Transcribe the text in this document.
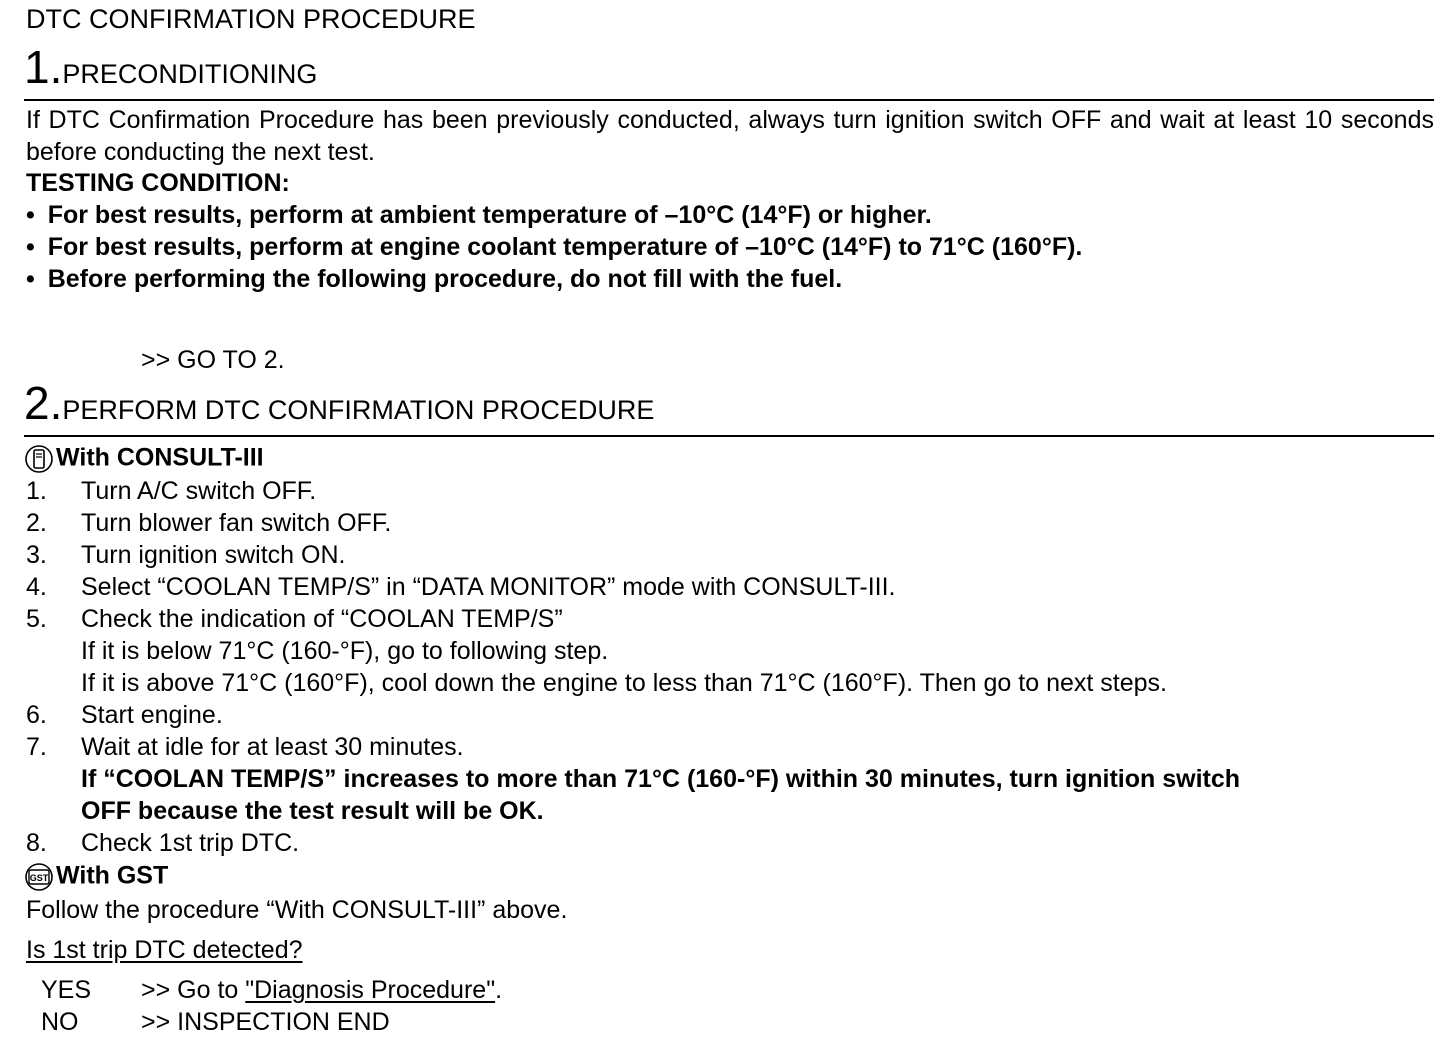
DTC CONFIRMATION PROCEDURE
1.PRECONDITIONING
If DTC Confirmation Procedure has been previously conducted, always turn ignition switch OFF and wait at least 10 seconds before conducting the next test.
TESTING CONDITION:
• For best results, perform at ambient temperature of –10°C (14°F) or higher.
• For best results, perform at engine coolant temperature of –10°C (14°F) to 71°C (160°F).
• Before performing the following procedure, do not fill with the fuel.
>> GO TO 2.
2.PERFORM DTC CONFIRMATION PROCEDURE
With CONSULT-III
1. Turn A/C switch OFF.
2. Turn blower fan switch OFF.
3. Turn ignition switch ON.
4. Select “COOLAN TEMP/S” in “DATA MONITOR” mode with CONSULT-III.
5. Check the indication of “COOLAN TEMP/S”
If it is below 71°C (160-°F), go to following step.
If it is above 71°C (160°F), cool down the engine to less than 71°C (160°F). Then go to next steps.
6. Start engine.
7. Wait at idle for at least 30 minutes.
If “COOLAN TEMP/S” increases to more than 71°C (160-°F) within 30 minutes, turn ignition switch
OFF because the test result will be OK.
8. Check 1st trip DTC.
GST With GST
Follow the procedure “With CONSULT-III” above.
Is 1st trip DTC detected?
YES >> Go to "Diagnosis Procedure".
NO	>> INSPECTION END
